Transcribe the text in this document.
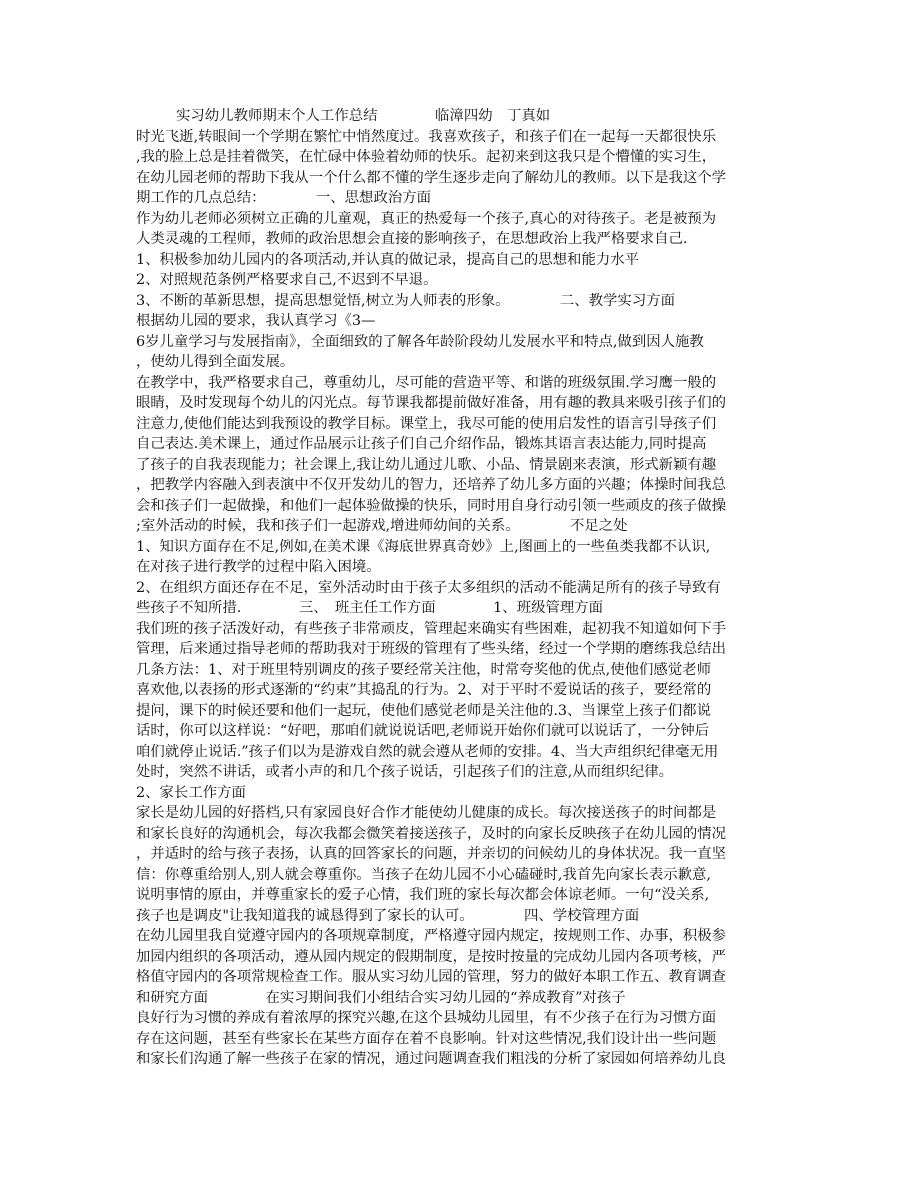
实习幼儿教师期末个人工作总结　　　　临漳四幼　丁真如
时光飞逝,转眼间一个学期在繁忙中悄然度过。我喜欢孩子，和孩子们在一起每一天都很快乐
,我的脸上总是挂着微笑，在忙碌中体验着幼师的快乐。起初来到这我只是个懵懂的实习生，
在幼儿园老师的帮助下我从一个什么都不懂的学生逐步走向了解幼儿的教师。以下是我这个学
期工作的几点总结：　　　　一、思想政治方面
作为幼儿老师必须树立正确的儿童观，真正的热爱每一个孩子,真心的对待孩子。老是被预为
人类灵魂的工程师，教师的政治思想会直接的影响孩子，在思想政治上我严格要求自己.
1、积极参加幼儿园内的各项活动,并认真的做记录，提高自己的思想和能力水平
2、对照规范条例严格要求自己,不迟到不早退。
3、不断的革新思想，提高思想觉悟,树立为人师表的形象。　　　　二、教学实习方面
根据幼儿园的要求，我认真学习《3—
6岁儿童学习与发展指南》，全面细致的了解各年龄阶段幼儿发展水平和特点,做到因人施教
，使幼儿得到全面发展。
在教学中，我严格要求自己，尊重幼儿，尽可能的营造平等、和谐的班级氛围.学习鹰一般的
眼睛，及时发现每个幼儿的闪光点。每节课我都提前做好准备，用有趣的教具来吸引孩子们的
注意力,使他们能达到我预设的教学目标。课堂上，我尽可能的使用启发性的语言引导孩子们
自己表达.美术课上，通过作品展示让孩子们自己介绍作品，锻炼其语言表达能力,同时提高
了孩子的自我表现能力；社会课上,我让幼儿通过儿歌、小品、情景剧来表演，形式新颖有趣
，把教学内容融入到表演中不仅开发幼儿的智力，还培养了幼儿多方面的兴趣；体操时间我总
会和孩子们一起做操，和他们一起体验做操的快乐，同时用自身行动引领一些顽皮的孩子做操
;室外活动的时候，我和孩子们一起游戏,增进师幼间的关系。　　　　不足之处
1、知识方面存在不足,例如,在美术课《海底世界真奇妙》上,图画上的一些鱼类我都不认识,
在对孩子进行教学的过程中陷入困境。
2、在组织方面还存在不足，室外活动时由于孩子太多组织的活动不能满足所有的孩子导致有
些孩子不知所措.　　　　三、　班主任工作方面　　　　1、班级管理方面
我们班的孩子活泼好动，有些孩子非常顽皮，管理起来确实有些困难，起初我不知道如何下手
管理，后来通过指导老师的帮助我对于班级的管理有了些头绪，经过一个学期的磨练我总结出
几条方法：1、对于班里特别调皮的孩子要经常关注他，时常夸奖他的优点,使他们感觉老师
喜欢他,以表扬的形式逐渐的“约束”其捣乱的行为。2、对于平时不爱说话的孩子，要经常的
提问，课下的时候还要和他们一起玩，使他们感觉老师是关注他的.3、当课堂上孩子们都说
话时，你可以这样说：“好吧，那咱们就说说话吧,老师说开始你们就可以说话了，一分钟后
咱们就停止说话.”孩子们以为是游戏自然的就会遵从老师的安排。4、当大声组织纪律毫无用
处时，突然不讲话，或者小声的和几个孩子说话，引起孩子们的注意,从而组织纪律。
2、家长工作方面
家长是幼儿园的好搭档,只有家园良好合作才能使幼儿健康的成长。每次接送孩子的时间都是
和家长良好的沟通机会，每次我都会微笑着接送孩子，及时的向家长反映孩子在幼儿园的情况
，并适时的给与孩子表扬，认真的回答家长的问题，并亲切的问候幼儿的身体状况。我一直坚
信：你尊重给别人,别人就会尊重你。当孩子在幼儿园不小心磕碰时,我首先向家长表示歉意,
说明事情的原由，并尊重家长的爱子心情，我们班的家长每次都会体谅老师。一句“没关系,
孩子也是调皮"让我知道我的诚恳得到了家长的认可。　　　　四、学校管理方面
在幼儿园里我自觉遵守园内的各项规章制度，严格遵守园内规定，按规则工作、办事，积极参
加园内组织的各项活动，遵从园内规定的假期制度，是按时按量的完成幼儿园内各项考核，严
格值守园内的各项常规检查工作。服从实习幼儿园的管理，努力的做好本职工作五、教育调查
和研究方面　　　　在实习期间我们小组结合实习幼儿园的“养成教育”对孩子
良好行为习惯的养成有着浓厚的探究兴趣,在这个县城幼儿园里，有不少孩子在行为习惯方面
存在这问题，甚至有些家长在某些方面存在着不良影响。针对这些情况,我们设计出一些问题
和家长们沟通了解一些孩子在家的情况，通过问题调查我们粗浅的分析了家园如何培养幼儿良
